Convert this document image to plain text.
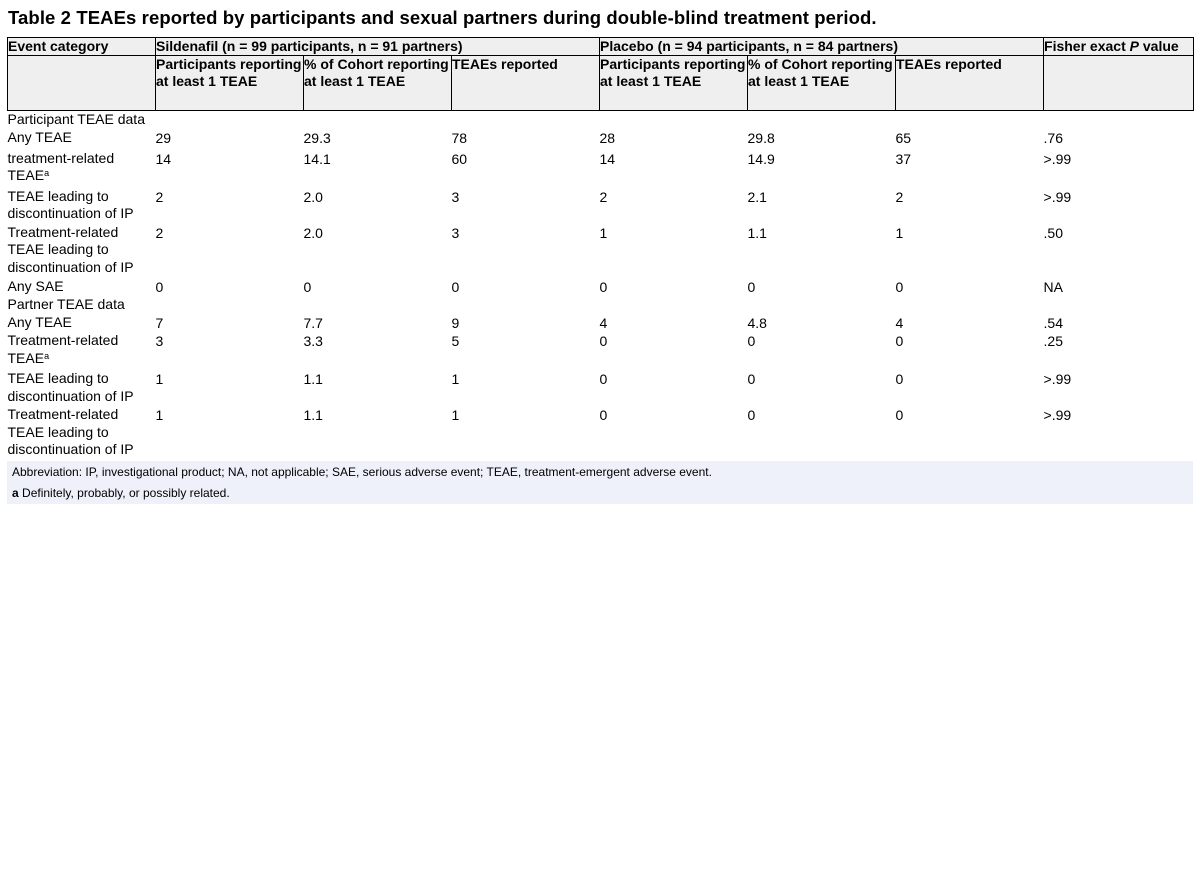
Table 2 TEAEs reported by participants and sexual partners during double-blind treatment period.
Event category	Sildenafil (n = 99 participants, n = 91 partners)			Placebo (n = 94 participants, n = 84 partners)			Fisher exact P value
	Participants reporting at least 1 TEAE	% of Cohort reporting at least 1 TEAE	TEAEs reported	Participants reporting at least 1 TEAE	% of Cohort reporting at least 1 TEAE	TEAEs reported	
Participant TEAE data							
Any TEAE	29	29.3	78	28	29.8	65	.76
treatment-related TEAE$^a$	14	14.1	60	14	14.9	37	>.99
TEAE leading to discontinuation of IP	2	2.0	3	2	2.1	2	>.99
Treatment-related TEAE leading to discontinuation of IP	2	2.0	3	1	1.1	1	.50
Any SAE	0	0	0	0	0	0	NA
Partner TEAE data							
Any TEAE	7	7.7	9	4	4.8	4	.54
Treatment-related TEAE$^a$	3	3.3	5	0	0	0	.25
TEAE leading to discontinuation of IP	1	1.1	1	0	0	0	>.99
Treatment-related TEAE leading to discontinuation of IP	1	1.1	1	0	0	0	>.99
Abbreviation: IP, investigational product; NA, not applicable; SAE, serious adverse event; TEAE, treatment-emergent adverse event.
a Definitely, probably, or possibly related.
